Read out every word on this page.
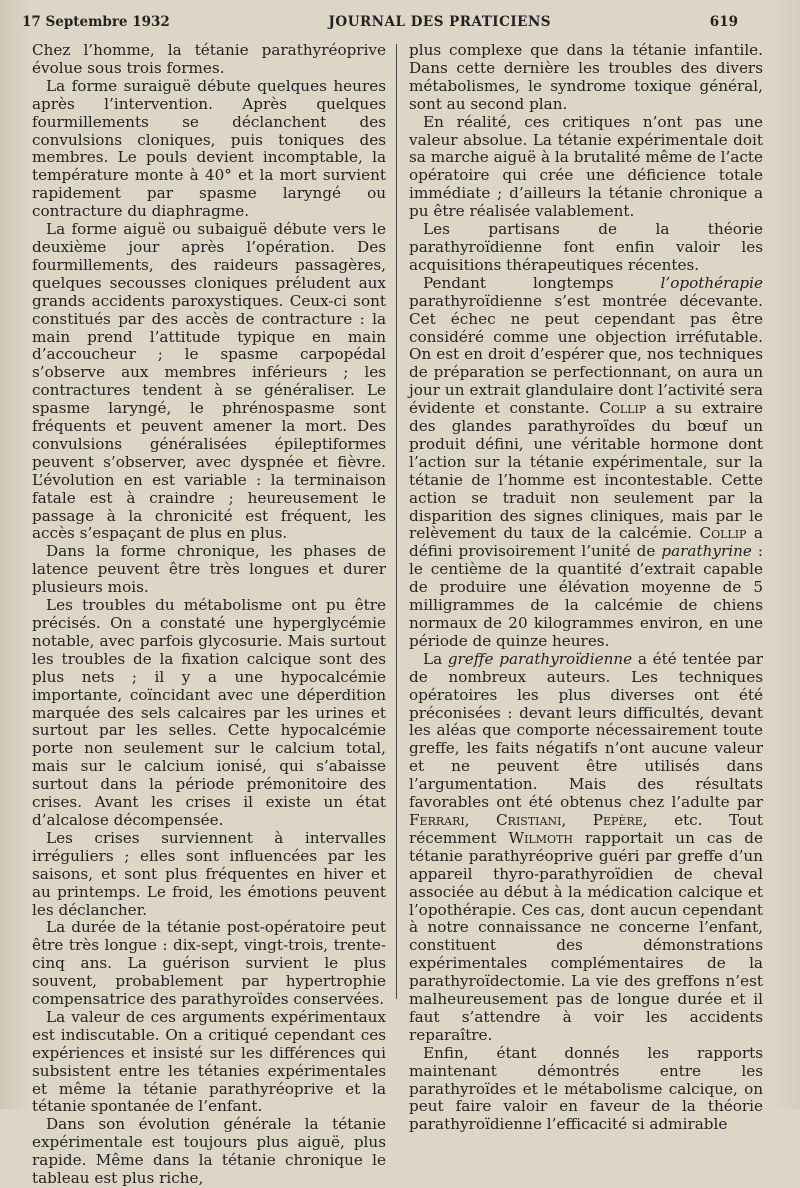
17 Septembre 1932	JOURNAL DES PRATICIENS	619

Chez l’homme, la tétanie parathyréoprive évolue sous trois formes.

La forme suraiguë débute quelques heures après l’intervention. Après quelques fourmillements se déclanchent des convulsions cloniques, puis toniques des membres. Le pouls devient incomptable, la température monte à 40° et la mort survient rapidement par spasme laryngé ou contracture du diaphragme.

La forme aiguë ou subaiguë débute vers le deuxième jour après l’opération. Des fourmillements, des raideurs passagères, quelques secousses cloniques préludent aux grands accidents paroxystiques. Ceux-ci sont constitués par des accès de contracture : la main prend l’attitude typique en main d’accoucheur ; le spasme carpopédal s’observe aux membres inférieurs ; les contractures tendent à se généraliser. Le spasme laryngé, le phrénospasme sont fréquents et peuvent amener la mort. Des convulsions généralisées épileptiformes peuvent s’observer, avec dyspnée et fièvre. L’évolution en est variable : la terminaison fatale est à craindre ; heureusement le passage à la chronicité est fréquent, les accès s’espaçant de plus en plus.

Dans la forme chronique, les phases de latence peuvent être très longues et durer plusieurs mois.

Les troubles du métabolisme ont pu être précisés. On a constaté une hyperglycémie notable, avec parfois glycosurie. Mais surtout les troubles de la fixation calcique sont des plus nets ; il y a une hypocalcémie importante, coïncidant avec une déperdition marquée des sels calcaires par les urines et surtout par les selles. Cette hypocalcémie porte non seulement sur le calcium total, mais sur le calcium ionisé, qui s’abaisse surtout dans la période prémonitoire des crises. Avant les crises il existe un état d’alcalose décompensée.

Les crises surviennent à intervalles irréguliers ; elles sont influencées par les saisons, et sont plus fréquentes en hiver et au printemps. Le froid, les émotions peuvent les déclancher.

La durée de la tétanie post-opératoire peut être très longue : dix-sept, vingt-trois, trente-cinq ans. La guérison survient le plus souvent, probablement par hypertrophie compensatrice des parathyroïdes conservées.

La valeur de ces arguments expérimentaux est indiscutable. On a critiqué cependant ces expériences et insisté sur les différences qui subsistent entre les tétanies expérimentales et même la tétanie parathyréoprive et la tétanie spontanée de l’enfant.

Dans son évolution générale la tétanie expérimentale est toujours plus aiguë, plus rapide. Même dans la tétanie chronique le tableau est plus riche,

plus complexe que dans la tétanie infantile. Dans cette dernière les troubles des divers métabolismes, le syndrome toxique général, sont au second plan.

En réalité, ces critiques n’ont pas une valeur absolue. La tétanie expérimentale doit sa marche aiguë à la brutalité même de l’acte opératoire qui crée une déficience totale immédiate ; d’ailleurs la tétanie chronique a pu être réalisée valablement.

Les partisans de la théorie parathyroïdienne font enfin valoir les acquisitions thérapeutiques récentes.

Pendant longtemps l’opothérapie parathyroïdienne s’est montrée décevante. Cet échec ne peut cependant pas être considéré comme une objection irréfutable. On est en droit d’espérer que, nos techniques de préparation se perfectionnant, on aura un jour un extrait glandulaire dont l’activité sera évidente et constante. Collip a su extraire des glandes parathyroïdes du bœuf un produit défini, une véritable hormone dont l’action sur la tétanie expérimentale, sur la tétanie de l’homme est incontestable. Cette action se traduit non seulement par la disparition des signes cliniques, mais par le relèvement du taux de la calcémie. Collip a défini provisoirement l’unité de parathyrine : le centième de la quantité d’extrait capable de produire une élévation moyenne de 5 milligrammes de la calcémie de chiens normaux de 20 kilogrammes environ, en une période de quinze heures.

La greffe parathyroïdienne a été tentée par de nombreux auteurs. Les techniques opératoires les plus diverses ont été préconisées : devant leurs difficultés, devant les aléas que comporte nécessairement toute greffe, les faits négatifs n’ont aucune valeur et ne peuvent être utilisés dans l’argumentation. Mais des résultats favorables ont été obtenus chez l’adulte par Ferrari, Cristiani, Pepère, etc. Tout récemment Wilmoth rapportait un cas de tétanie parathyréoprive guéri par greffe d’un appareil thyro-parathyroïdien de cheval associée au début à la médication calcique et l’opothérapie. Ces cas, dont aucun cependant à notre connaissance ne concerne l’enfant, constituent des démonstrations expérimentales complémentaires de la parathyroïdectomie. La vie des greffons n’est malheureusement pas de longue durée et il faut s’attendre à voir les accidents reparaître.

Enfin, étant donnés les rapports maintenant démontrés entre les parathyroïdes et le métabolisme calcique, on peut faire valoir en faveur de la théorie parathyroïdienne l’efficacité si admirable
